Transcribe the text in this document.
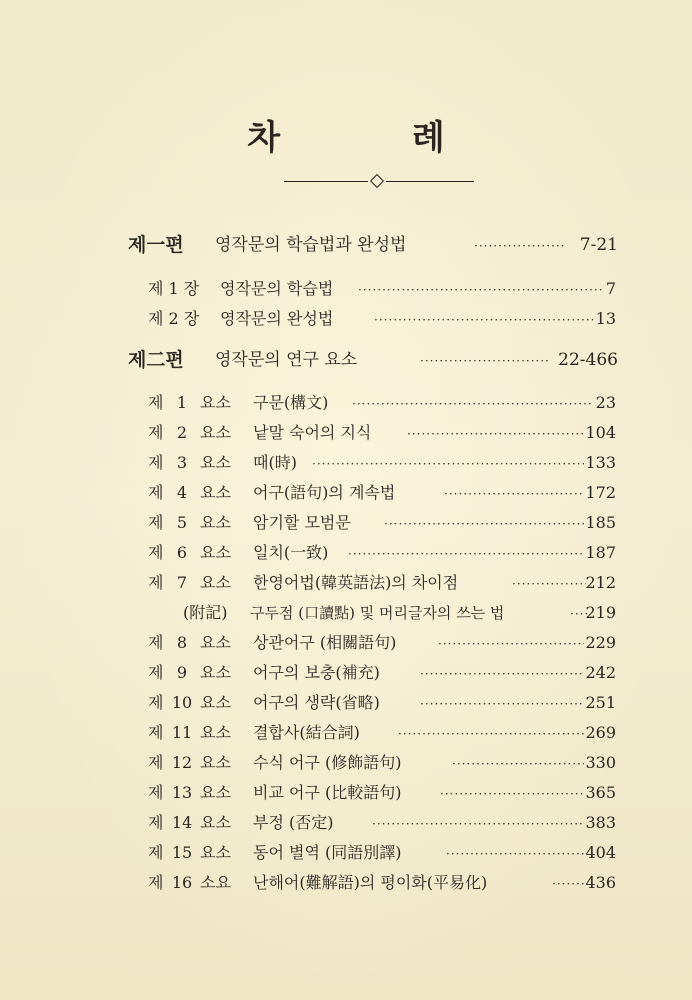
차 례
제一편 영작문의 학습법과 완성법 ·····	7-21
제 1 장 영작문의 학습법 ·····	7
제 2 장 영작문의 완성법 ·····	13
제二편 영작문의 연구 요소 ·····	22-466
제 1 요소 구문(構文) ·····	23
제 2 요소 낱말 숙어의 지식 ·····	104
제 3 요소 때(時) ·····	133
제 4 요소 어구(語句)의 계속법 ·····	172
제 5 요소 암기할 모범문 ·····	185
제 6 요소 일치(一致) ·····	187
제 7 요소 한영어법(韓英語法)의 차이점 ·····	212
(附記) 구두점 (口讀點) 및 머리글자의 쓰는 법 ·····	219
제 8 요소 상관어구 (相關語句) ·····	229
제 9 요소 어구의 보충(補充) ·····	242
제 10 요소 어구의 생략(省略) ·····	251
제 11 요소 결합사(結合詞) ·····	269
제 12 요소 수식 어구 (修飾語句) ·····	330
제 13 요소 비교 어구 (比較語句) ·····	365
제 14 요소 부정 (否定) ·····	383
제 15 요소 동어 별역 (同語別譯) ·····	404
제 16 소요 난해어(難解語)의 평이화(平易化) ·····	436
